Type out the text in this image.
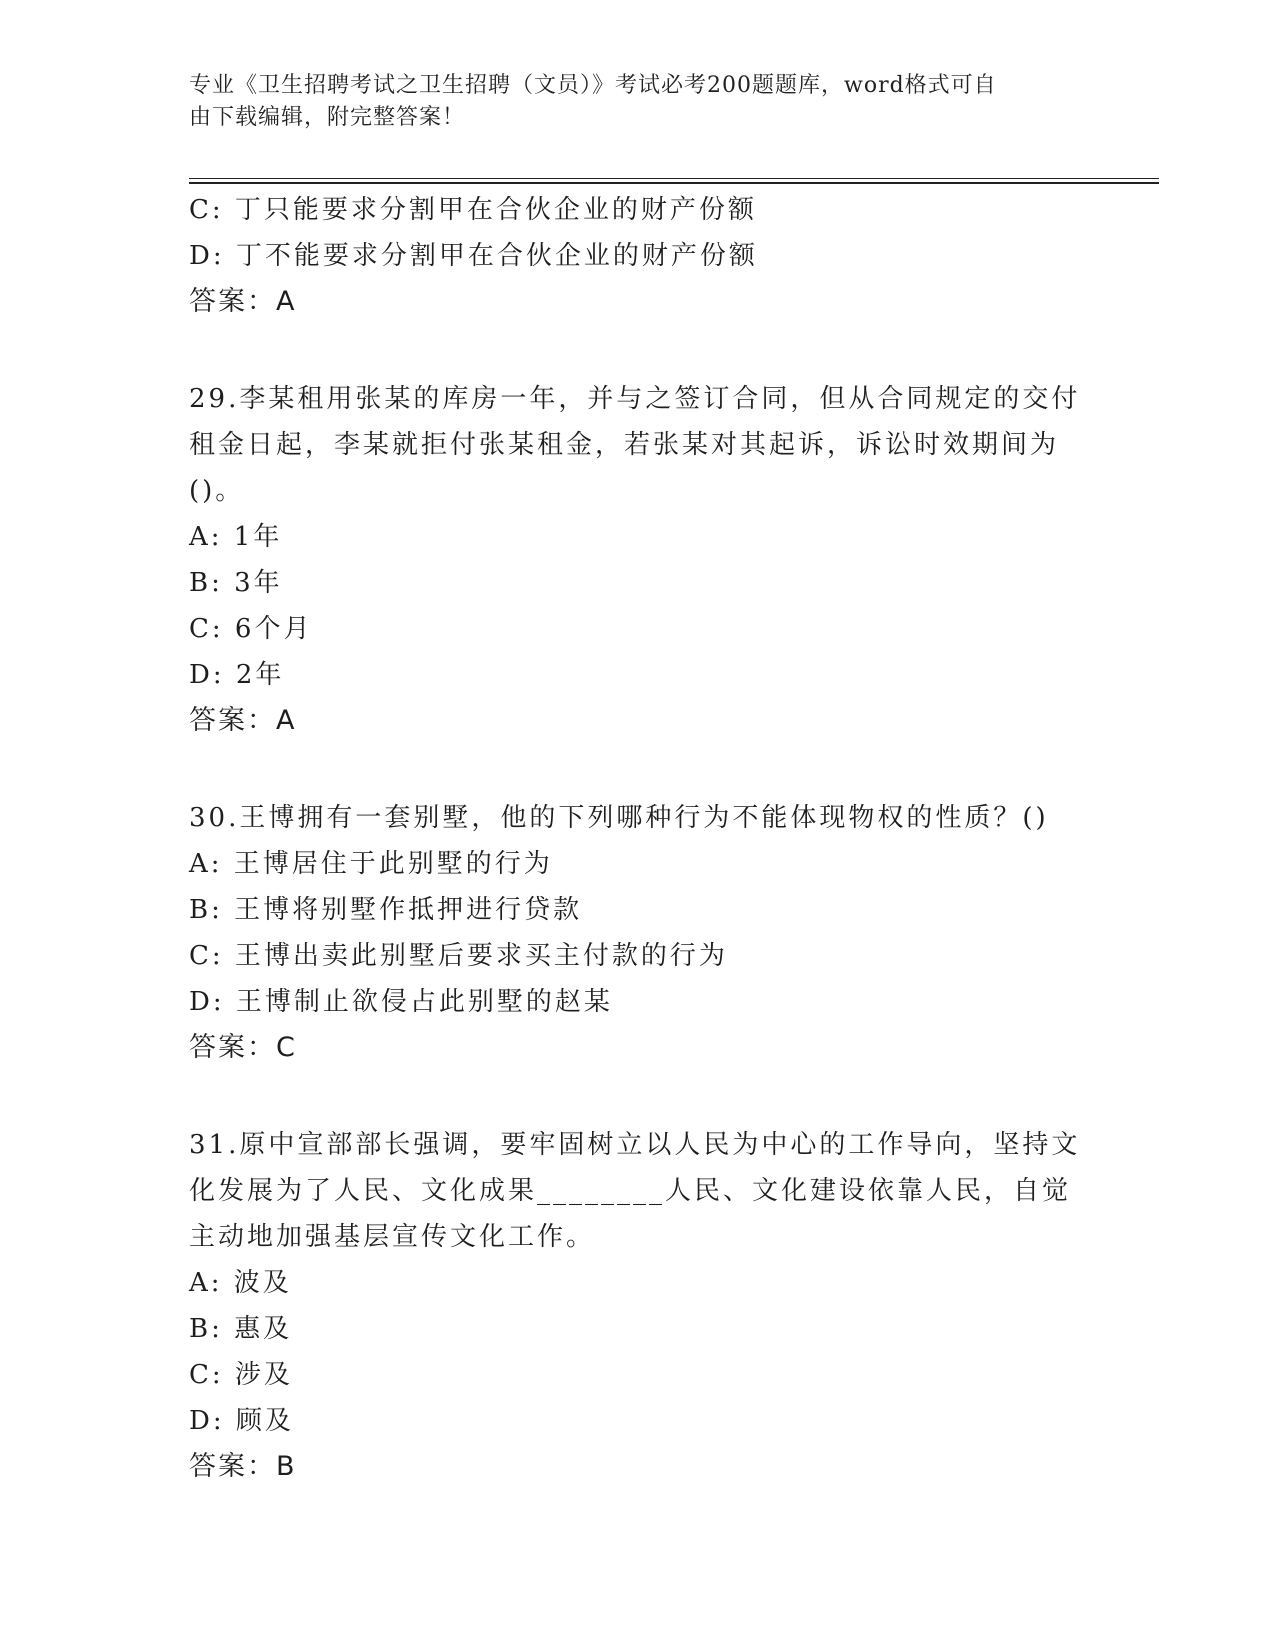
专业《卫生招聘考试之卫生招聘（文员）》考试必考200题题库，word格式可自
由下载编辑，附完整答案！
C: 丁只能要求分割甲在合伙企业的财产份额
D: 丁不能要求分割甲在合伙企业的财产份额
答案：A
29.李某租用张某的库房一年，并与之签订合同，但从合同规定的交付
租金日起，李某就拒付张某租金，若张某对其起诉，诉讼时效期间为
()。
A: 1年
B: 3年
C: 6个月
D: 2年
答案：A
30.王博拥有一套别墅，他的下列哪种行为不能体现物权的性质？()
A: 王博居住于此别墅的行为
B: 王博将别墅作抵押进行贷款
C: 王博出卖此别墅后要求买主付款的行为
D: 王博制止欲侵占此别墅的赵某
答案：C
31.原中宣部部长强调，要牢固树立以人民为中心的工作导向，坚持文
化发展为了人民、文化成果________人民、文化建设依靠人民，自觉
主动地加强基层宣传文化工作。
A: 波及
B: 惠及
C: 涉及
D: 顾及
答案：B
